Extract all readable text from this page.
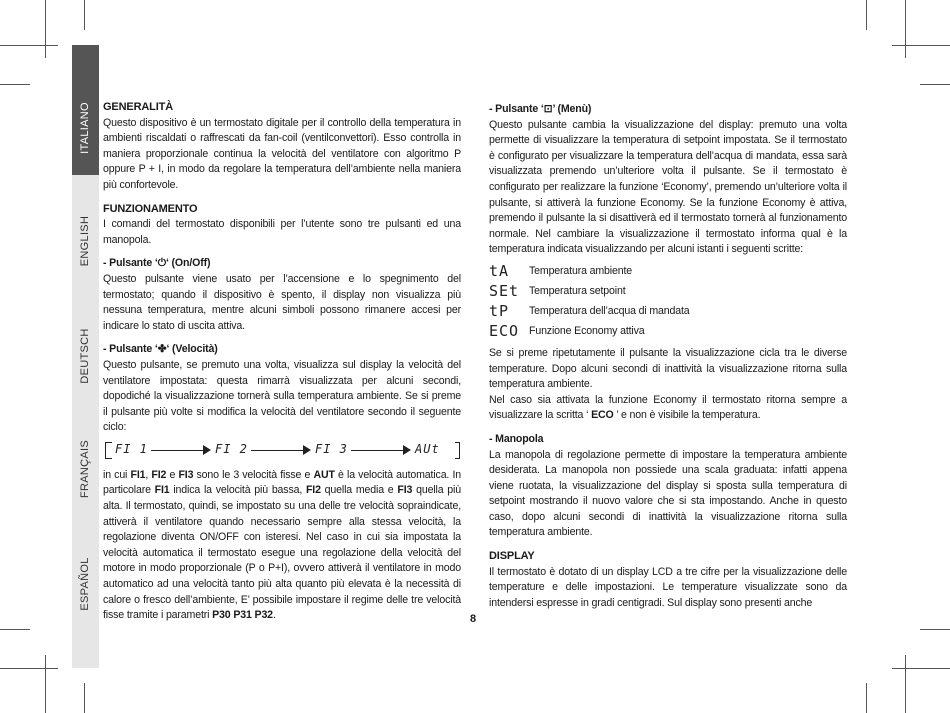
ITALIANO
ENGLISH
DEUTSCH
FRANÇAIS
ESPAÑOL

GENERALITÀ

Questo dispositivo è un termostato digitale per il controllo della temperatura in ambienti riscaldati o raffrescati da fan-coil (ventilconvettori). Esso controlla in maniera proporzionale continua la velocità del ventilatore con algoritmo P oppure P + I, in modo da regolare la temperatura dell’ambiente nella maniera più confortevole.

FUNZIONAMENTO

I comandi del termostato disponibili per l’utente sono tre pulsanti ed una manopola.

- Pulsante ‘⏻‘ (On/Off)

Questo pulsante viene usato per l’accensione e lo spegnimento del termostato; quando il dispositivo è spento, il display non visualizza più nessuna temperatura, mentre alcuni simboli possono rimanere accesi per indicare lo stato di uscita attiva.

- Pulsante ‘✤‘ (Velocità)

Questo pulsante, se premuto una volta, visualizza sul display la velocità del ventilatore impostata: questa rimarrà visualizzata per alcuni secondi, dopodiché la visualizzazione tornerà sulla temperatura ambiente. Se si preme il pulsante più volte si modifica la velocità del ventilatore secondo il seguente ciclo:

FI 1	FI 2	FI 3	AUt

in cui FI1, FI2 e FI3 sono le 3 velocità fisse e AUT è la velocità automatica. In particolare FI1 indica la velocità più bassa, FI2 quella media e FI3 quella più alta. Il termostato, quindi, se impostato su una delle tre velocità sopraindicate, attiverà il ventilatore quando necessario sempre alla stessa velocità, la regolazione diventa ON/OFF con isteresi. Nel caso in cui sia impostata la velocità automatica il termostato esegue una regolazione della velocità del motore in modo proporzionale (P o P+I), ovvero attiverà il ventilatore in modo automatico ad una velocità tanto più alta quanto più elevata è la necessità di calore o fresco dell’ambiente, E’ possibile impostare il regime delle tre velocità fisse tramite i parametri P30 P31 P32.

- Pulsante ‘⊡’ (Menù)

Questo pulsante cambia la visualizzazione del display: premuto una volta permette di visualizzare la temperatura di setpoint impostata. Se il termostato è configurato per visualizzare la temperatura dell’acqua di mandata, essa sarà visualizzata premendo un’ulteriore volta il pulsante. Se il termostato è configurato per realizzare la funzione ‘Economy’, premendo un’ulteriore volta il pulsante, si attiverà la funzione Economy. Se la funzione Economy è attiva, premendo il pulsante la si disattiverà ed il termostato tornerà al funzionamento normale. Nel cambiare la visualizzazione il termostato informa qual è la temperatura indicata visualizzando per alcuni istanti i seguenti scritte:

tA	Temperatura ambiente
SEt Temperatura setpoint
tP	Temperatura dell’acqua di mandata
ECO Funzione Economy attiva

Se si preme ripetutamente il pulsante la visualizzazione cicla tra le diverse temperature. Dopo alcuni secondi di inattività la visualizzazione ritorna sulla temperatura ambiente.

Nel caso sia attivata la funzione Economy il termostato ritorna sempre a visualizzare la scritta ‘ ECO ’ e non è visibile la temperatura.

- Manopola

La manopola di regolazione permette di impostare la temperatura ambiente desiderata. La manopola non possiede una scala graduata: infatti appena viene ruotata, la visualizzazione del display si sposta sulla temperatura di setpoint mostrando il nuovo valore che si sta impostando. Anche in questo caso, dopo alcuni secondi di inattività la visualizzazione ritorna sulla temperatura ambiente.

DISPLAY

Il termostato è dotato di un display LCD a tre cifre per la visualizzazione delle temperature e delle impostazioni. Le temperature visualizzate sono da intendersi espresse in gradi centigradi. Sul display sono presenti anche

8
